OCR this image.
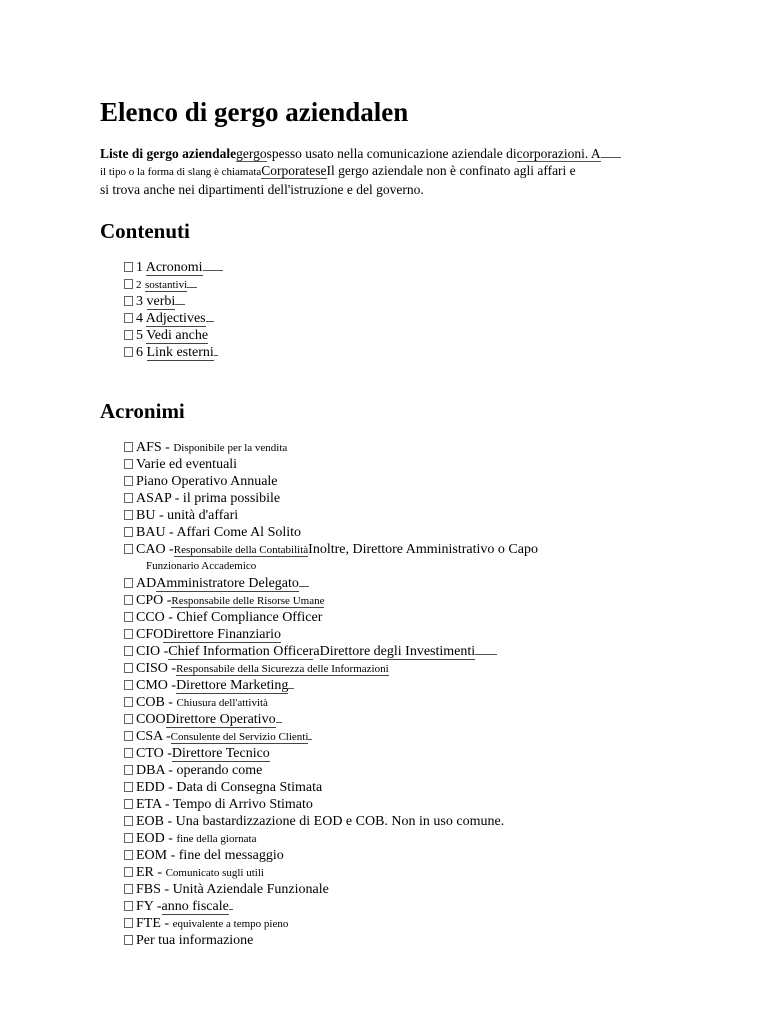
Elenco di gergo aziendalen
Liste di gergo aziendalegergospesso usato nella comunicazione aziendale dicorporazioni. A
il tipo o la forma di slang è chiamataCorporateseIl gergo aziendale non è confinato agli affari e
si trova anche nei dipartimenti dell'istruzione e del governo.
Contenuti
1 Acronomi
2 sostantivi
3 verbi
4 Adjectives
5 Vedi anche
6 Link esterni
Acronimi
AFS - Disponibile per la vendita
Varie ed eventuali
Piano Operativo Annuale
ASAP - il prima possibile
BU - unità d'affari
BAU - Affari Come Al Solito
CAO -Responsabile della ContabilitàInoltre, Direttore Amministrativo o Capo
Funzionario Accademico
ADAmministratore Delegato
CPO -Responsabile delle Risorse Umane
CCO - Chief Compliance Officer
CFODirettore Finanziario
CIO -Chief Information OfficeraDirettore degli Investimenti
CISO -Responsabile della Sicurezza delle Informazioni
CMO -Direttore Marketing
COB - Chiusura dell'attività
COODirettore Operativo
CSA -Consulente del Servizio Clienti
CTO -Direttore Tecnico
DBA - operando come
EDD - Data di Consegna Stimata
ETA - Tempo di Arrivo Stimato
EOB - Una bastardizzazione di EOD e COB. Non in uso comune.
EOD - fine della giornata
EOM - fine del messaggio
ER - Comunicato sugli utili
FBS - Unità Aziendale Funzionale
FY -anno fiscale
FTE - equivalente a tempo pieno
Per tua informazione
